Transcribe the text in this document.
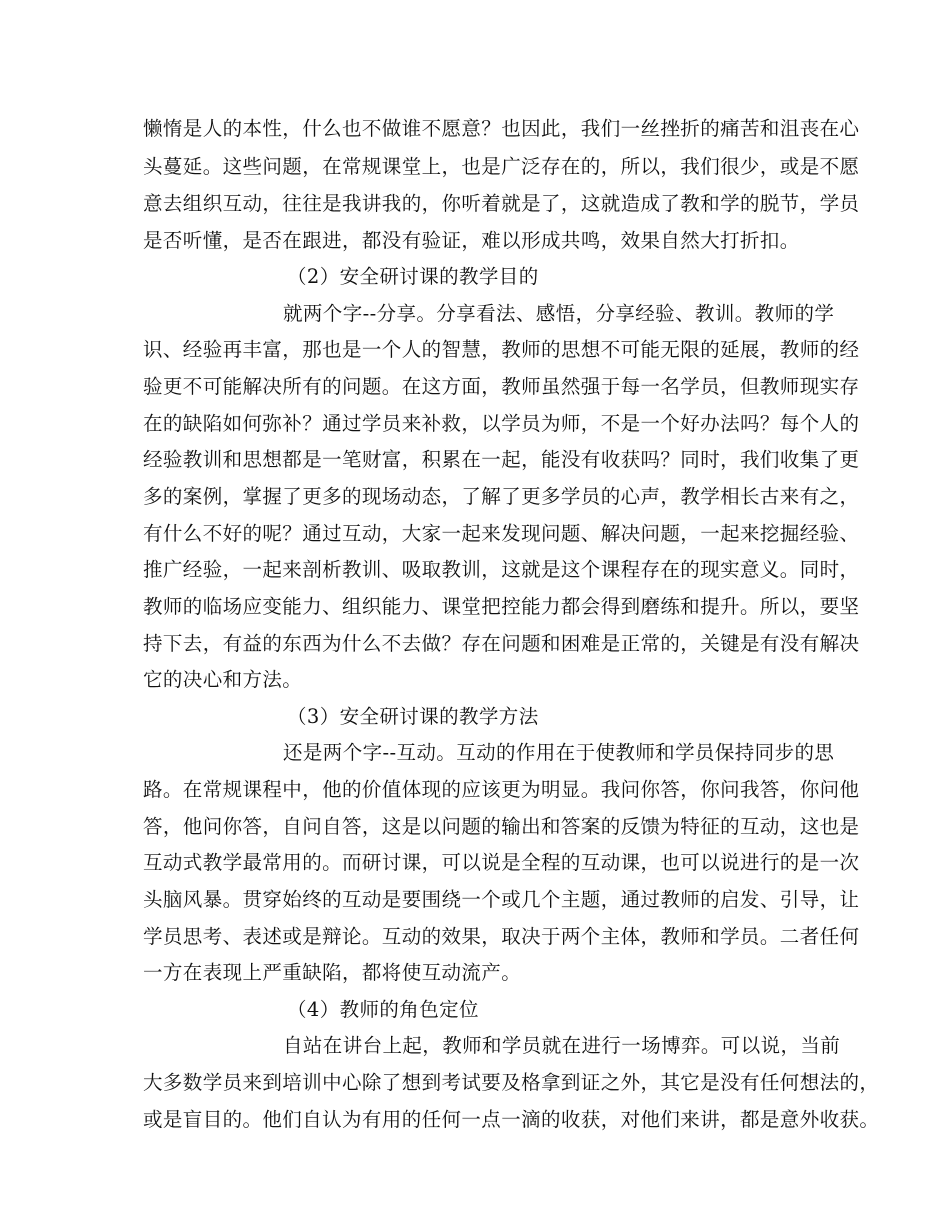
懒惰是人的本性，什么也不做谁不愿意？也因此，我们一丝挫折的痛苦和沮丧在心
头蔓延。这些问题，在常规课堂上，也是广泛存在的，所以，我们很少，或是不愿
意去组织互动，往往是我讲我的，你听着就是了，这就造成了教和学的脱节，学员
是否听懂，是否在跟进，都没有验证，难以形成共鸣，效果自然大打折扣。
（2）安全研讨课的教学目的
就两个字--分享。分享看法、感悟，分享经验、教训。教师的学
识、经验再丰富，那也是一个人的智慧，教师的思想不可能无限的延展，教师的经
验更不可能解决所有的问题。在这方面，教师虽然强于每一名学员，但教师现实存
在的缺陷如何弥补？通过学员来补救，以学员为师，不是一个好办法吗？每个人的
经验教训和思想都是一笔财富，积累在一起，能没有收获吗？同时，我们收集了更
多的案例，掌握了更多的现场动态，了解了更多学员的心声，教学相长古来有之，
有什么不好的呢？通过互动，大家一起来发现问题、解决问题，一起来挖掘经验、
推广经验，一起来剖析教训、吸取教训，这就是这个课程存在的现实意义。同时，
教师的临场应变能力、组织能力、课堂把控能力都会得到磨练和提升。所以，要坚
持下去，有益的东西为什么不去做？存在问题和困难是正常的，关键是有没有解决
它的决心和方法。
（3）安全研讨课的教学方法
还是两个字--互动。互动的作用在于使教师和学员保持同步的思
路。在常规课程中，他的价值体现的应该更为明显。我问你答，你问我答，你问他
答，他问你答，自问自答，这是以问题的输出和答案的反馈为特征的互动，这也是
互动式教学最常用的。而研讨课，可以说是全程的互动课，也可以说进行的是一次
头脑风暴。贯穿始终的互动是要围绕一个或几个主题，通过教师的启发、引导，让
学员思考、表述或是辩论。互动的效果，取决于两个主体，教师和学员。二者任何
一方在表现上严重缺陷，都将使互动流产。
（4）教师的角色定位
自站在讲台上起，教师和学员就在进行一场博弈。可以说，当前
大多数学员来到培训中心除了想到考试要及格拿到证之外，其它是没有任何想法的，
或是盲目的。他们自认为有用的任何一点一滴的收获，对他们来讲，都是意外收获。
